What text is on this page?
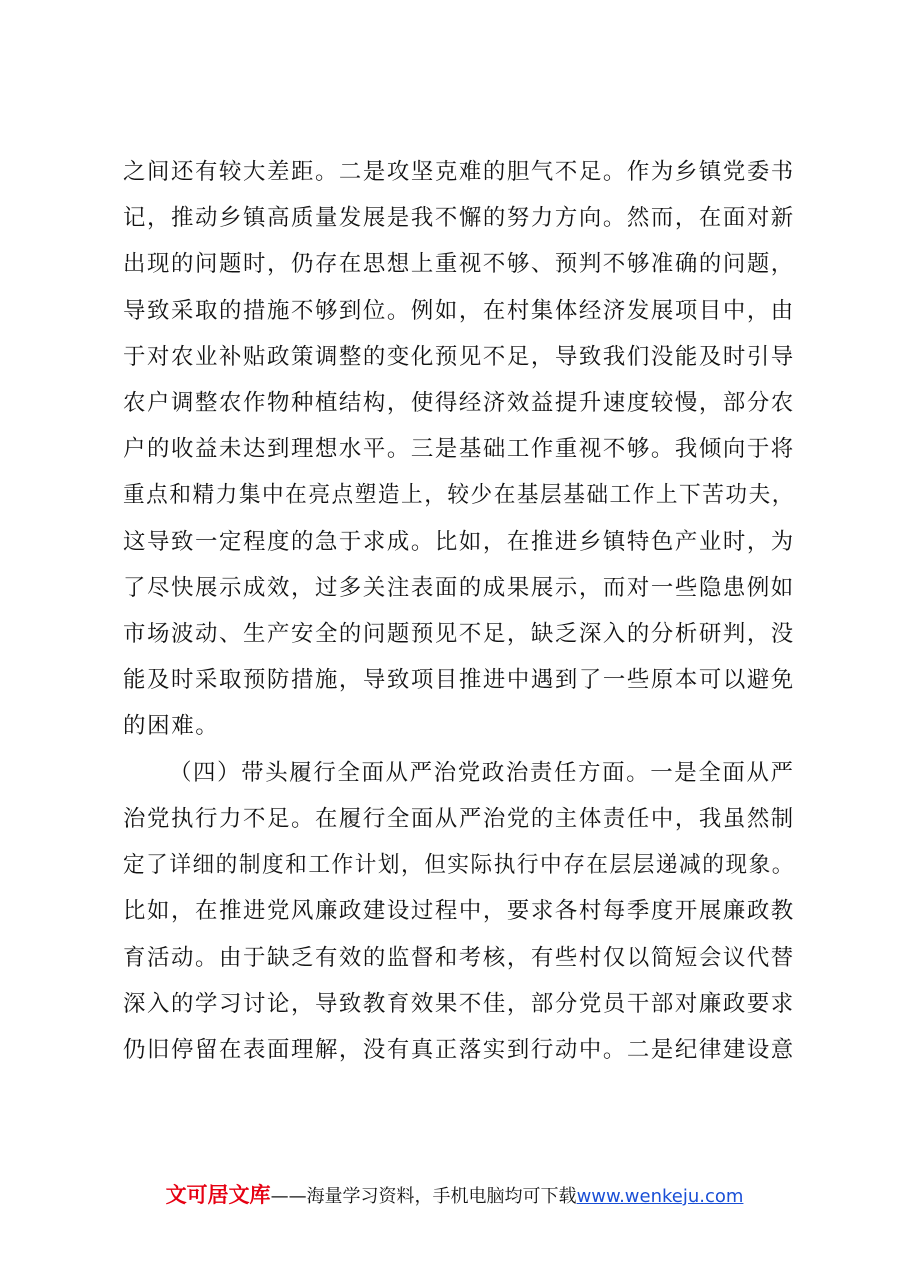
之间还有较大差距。二是攻坚克难的胆气不足。作为乡镇党委书
记，推动乡镇高质量发展是我不懈的努力方向。然而，在面对新
出现的问题时，仍存在思想上重视不够、预判不够准确的问题，
导致采取的措施不够到位。例如，在村集体经济发展项目中，由
于对农业补贴政策调整的变化预见不足，导致我们没能及时引导
农户调整农作物种植结构，使得经济效益提升速度较慢，部分农
户的收益未达到理想水平。三是基础工作重视不够。我倾向于将
重点和精力集中在亮点塑造上，较少在基层基础工作上下苦功夫，
这导致一定程度的急于求成。比如，在推进乡镇特色产业时，为
了尽快展示成效，过多关注表面的成果展示，而对一些隐患例如
市场波动、生产安全的问题预见不足，缺乏深入的分析研判，没
能及时采取预防措施，导致项目推进中遇到了一些原本可以避免
的困难。
（四）带头履行全面从严治党政治责任方面。一是全面从严
治党执行力不足。在履行全面从严治党的主体责任中，我虽然制
定了详细的制度和工作计划，但实际执行中存在层层递减的现象。
比如，在推进党风廉政建设过程中，要求各村每季度开展廉政教
育活动。由于缺乏有效的监督和考核，有些村仅以简短会议代替
深入的学习讨论，导致教育效果不佳，部分党员干部对廉政要求
仍旧停留在表面理解，没有真正落实到行动中。二是纪律建设意
文可居文库——海量学习资料，手机电脑均可下载www.wenkeju.com
